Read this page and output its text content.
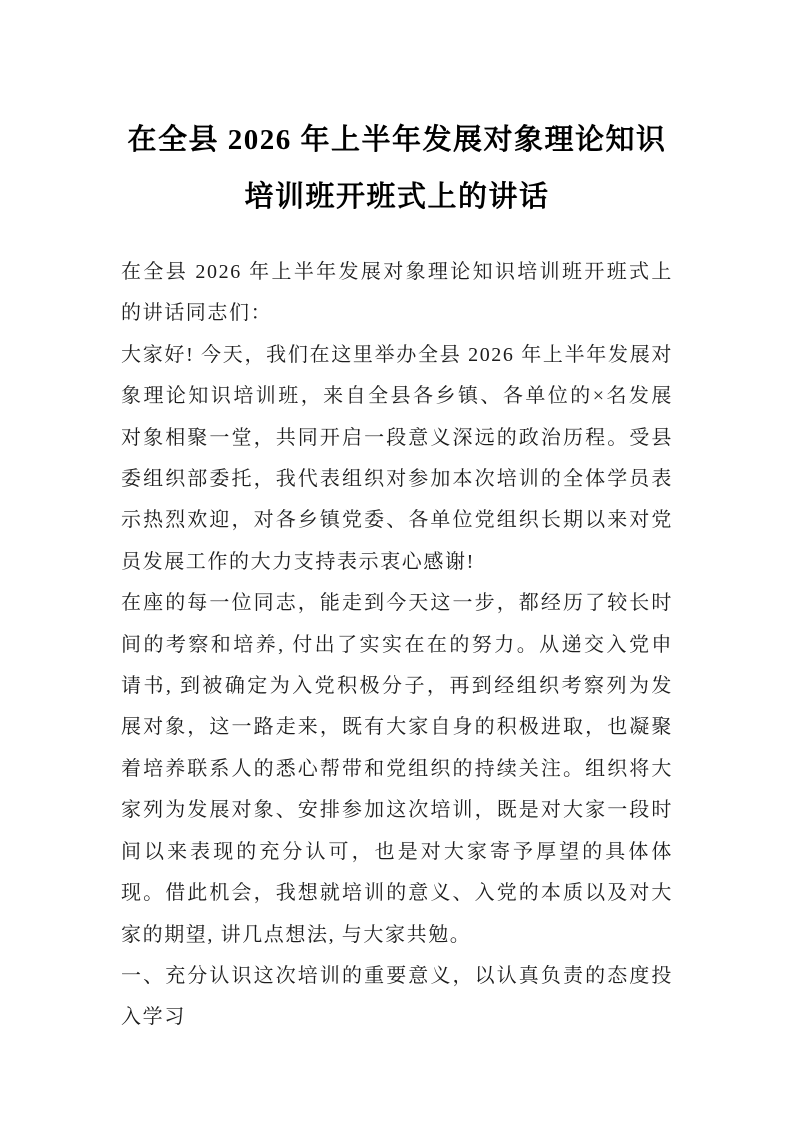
在全县 2026 年上半年发展对象理论知识培训班开班式上的讲话

在全县 2026 年上半年发展对象理论知识培训班开班式上的讲话同志们：

大家好! 今天，我们在这里举办全县 2026 年上半年发展对象理论知识培训班，来自全县各乡镇、各单位的×名发展对象相聚一堂，共同开启一段意义深远的政治历程。受县委组织部委托，我代表组织对参加本次培训的全体学员表示热烈欢迎，对各乡镇党委、各单位党组织长期以来对党员发展工作的大力支持表示衷心感谢!

在座的每一位同志，能走到今天这一步，都经历了较长时间的考察和培养, 付出了实实在在的努力。从递交入党申请书, 到被确定为入党积极分子，再到经组织考察列为发展对象，这一路走来，既有大家自身的积极进取，也凝聚着培养联系人的悉心帮带和党组织的持续关注。组织将大家列为发展对象、安排参加这次培训，既是对大家一段时间以来表现的充分认可，也是对大家寄予厚望的具体体现。借此机会，我想就培训的意义、入党的本质以及对大家的期望, 讲几点想法, 与大家共勉。

一、充分认识这次培训的重要意义，以认真负责的态度投入学习
